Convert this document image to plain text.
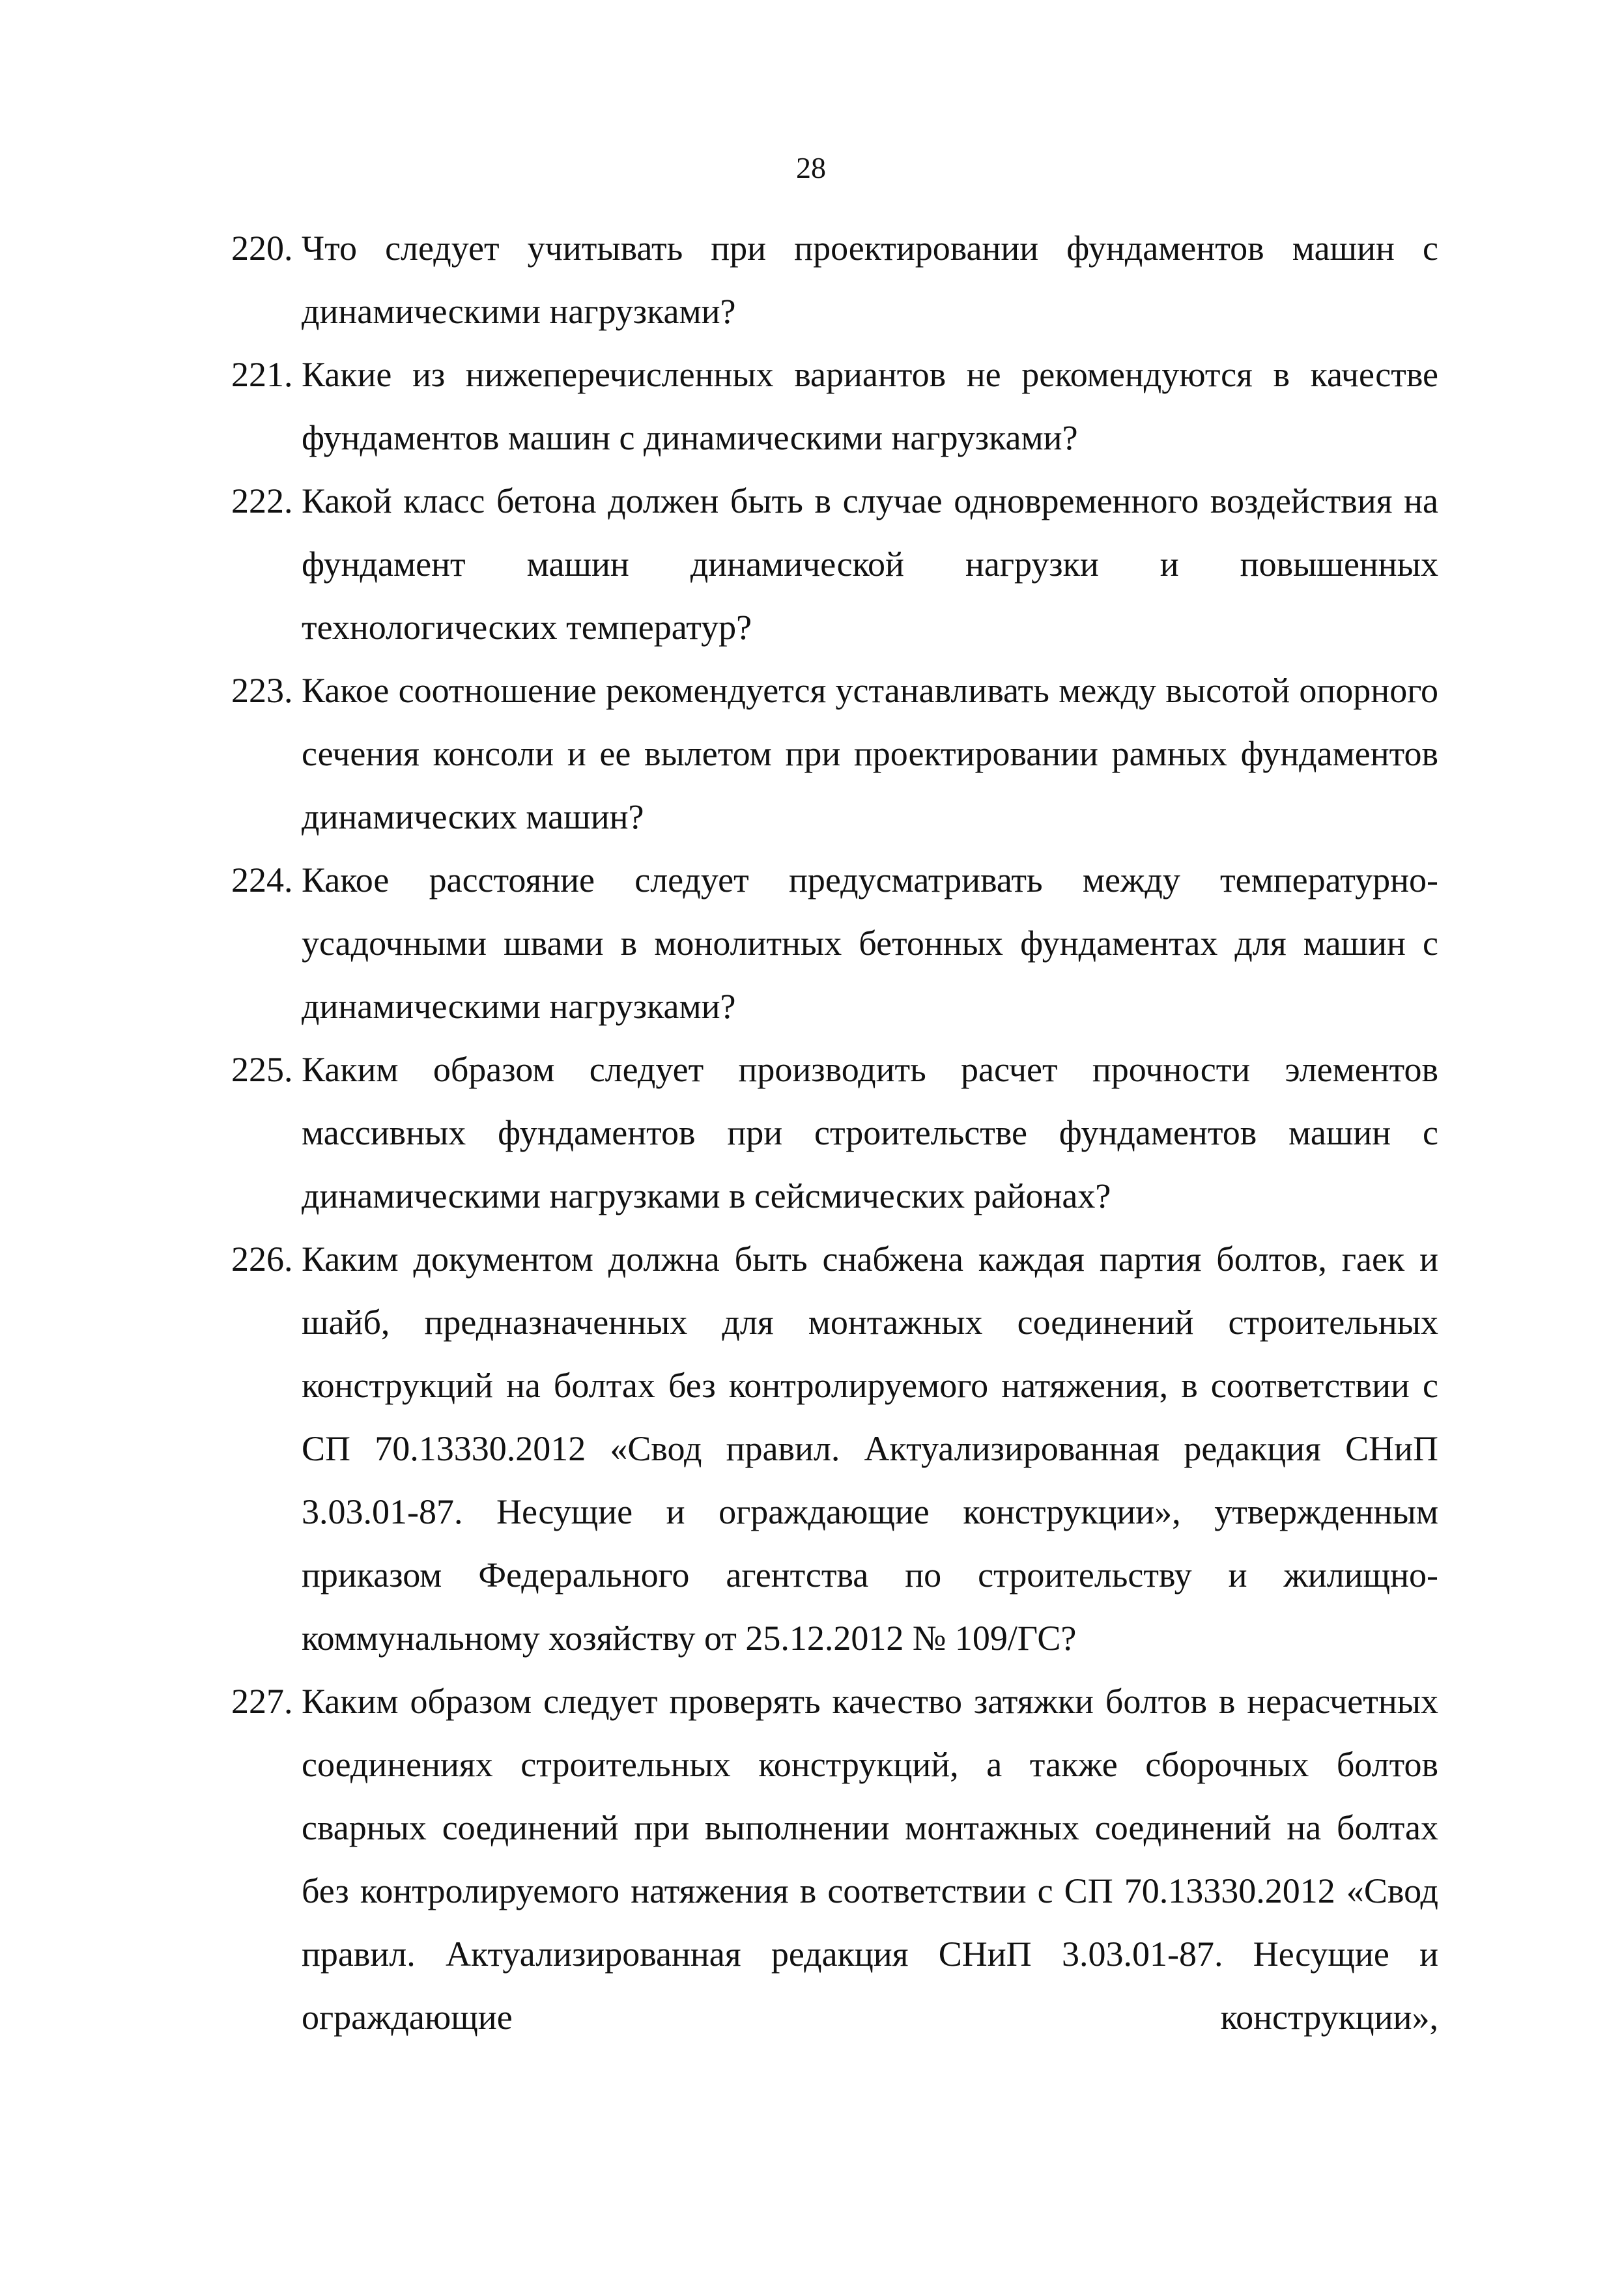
28
220. Что следует учитывать при проектировании фундаментов машин с динамическими нагрузками?
221. Какие из нижеперечисленных вариантов не рекомендуются в качестве фундаментов машин с динамическими нагрузками?
222. Какой класс бетона должен быть в случае одновременного воздействия на фундамент машин динамической нагрузки и повышенных технологических температур?
223. Какое соотношение рекомендуется устанавливать между высотой опорного сечения консоли и ее вылетом при проектировании рамных фундаментов динамических машин?
224. Какое расстояние следует предусматривать между температурно-усадочными швами в монолитных бетонных фундаментах для машин с динамическими нагрузками?
225. Каким образом следует производить расчет прочности элементов массивных фундаментов при строительстве фундаментов машин с динамическими нагрузками в сейсмических районах?
226. Каким документом должна быть снабжена каждая партия болтов, гаек и шайб, предназначенных для монтажных соединений строительных конструкций на болтах без контролируемого натяжения, в соответствии с СП 70.13330.2012 «Свод правил. Актуализированная редакция СНиП 3.03.01-87. Несущие и ограждающие конструкции», утвержденным приказом Федерального агентства по строительству и жилищно-коммунальному хозяйству от 25.12.2012 № 109/ГС?
227. Каким образом следует проверять качество затяжки болтов в нерасчетных соединениях строительных конструкций, а также сборочных болтов сварных соединений при выполнении монтажных соединений на болтах без контролируемого натяжения в соответствии с СП 70.13330.2012 «Свод правил. Актуализированная редакция СНиП 3.03.01-87. Несущие и ограждающие конструкции»,
